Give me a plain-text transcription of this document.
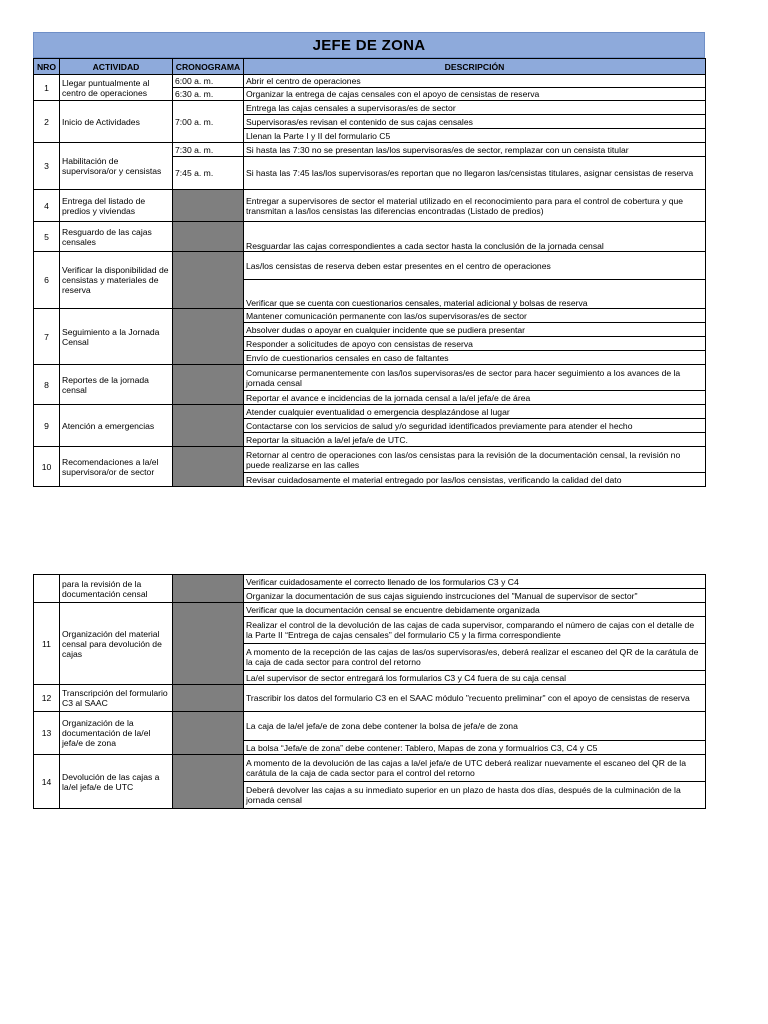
JEFE DE ZONA
NRO	ACTIVIDAD	CRONOGRAMA	DESCRIPCIÓN
1	Llegar puntualmente al centro de operaciones	6:00 a. m.	Abrir el centro de operaciones
		6:30 a. m.	Organizar la entrega de cajas censales con el apoyo de censistas de reserva
2	Inicio de Actividades	7:00 a. m.	Entrega las cajas censales a supervisoras/es de sector
			Supervisoras/es revisan el contenido de sus cajas censales
			Llenan la Parte I y II del formulario C5
3	Habilitación de supervisora/or y censistas	7:30 a. m.	Si hasta las 7:30 no se presentan las/los supervisoras/es de sector, remplazar con un censista titular
		7:45 a. m.	Si hasta las 7:45 las/los supervisoras/es reportan que no llegaron las/censistas titulares, asignar censistas de reserva
4	Entrega del listado de predios y viviendas		Entregar a supervisores de sector el material utilizado en el reconocimiento para para el control de cobertura y que transmitan a las/los censistas las diferencias encontradas (Listado de predios)
5	Resguardo de las cajas censales		Resguardar las cajas correspondientes a cada sector hasta la conclusión de la jornada censal
6	Verificar la disponibilidad de censistas y materiales de reserva		Las/los censistas de reserva deben estar presentes en el centro de operaciones
			Verificar que se cuenta con cuestionarios censales, material adicional y bolsas de reserva
7	Seguimiento a la Jornada Censal		Mantener comunicación permanente con las/os supervisoras/es de sector
			Absolver dudas o apoyar en cualquier incidente que se pudiera presentar
			Responder a solicitudes de apoyo con censistas de reserva
			Envío de cuestionarios censales en caso de faltantes
8	Reportes de la jornada censal		Comunicarse permanentemente con las/los supervisoras/es de sector para hacer seguimiento a los avances de la jornada censal
			Reportar el avance e incidencias de la jornada censal a la/el jefa/e de área
9	Atención a emergencias		Atender cualquier eventualidad o emergencia desplazándose al lugar
			Contactarse con los servicios de salud y/o seguridad identificados previamente para atender el hecho
			Reportar la situación a la/el jefa/e de UTC.
10	Recomendaciones a la/el supervisora/or de sector		Retornar al centro de operaciones con las/os censistas para la revisión de la documentación censal, la revisión no puede realizarse en las calles
			Revisar cuidadosamente el material entregado por las/los censistas, verificando la calidad del dato
	para la revisión de la documentación censal		Verificar cuidadosamente el correcto llenado de los formularios C3 y C4
			Organizar la documentación de sus cajas siguiendo instrcuciones del "Manual de supervisor de sector"
11	Organización del material censal para devolución de cajas		Verificar que la documentación censal se encuentre debidamente organizada
			Realizar el control de la devolución de las cajas de cada supervisor, comparando el número de cajas con el detalle de la Parte II “Entrega de cajas censales” del formulario C5 y la firma correspondiente
			A momento de la recepción de las cajas de las/os supervisoras/es, deberá realizar el escaneo del QR de la carátula de la caja de cada sector para control del retorno
			La/el supervisor de sector entregará los formularios C3 y C4 fuera de su caja censal
12	Transcripción del formulario C3 al SAAC		Trascribir los datos del formulario C3 en el SAAC módulo "recuento preliminar" con el apoyo de censistas de reserva
13	Organización de la documentación de la/el jefa/e de zona		La caja de la/el jefa/e de zona debe contener la bolsa de jefa/e de zona
			La bolsa “Jefa/e de zona” debe contener: Tablero, Mapas de zona y formualrios C3, C4 y C5
14	Devolución de las cajas a la/el jefa/e de UTC		A momento de la devolución de las cajas a la/el jefa/e de UTC deberá realizar nuevamente el escaneo del QR de la carátula de la caja de cada sector para el control del retorno
			Deberá devolver las cajas a su inmediato superior en un plazo de hasta dos días, después de la culminación de la jornada censal
